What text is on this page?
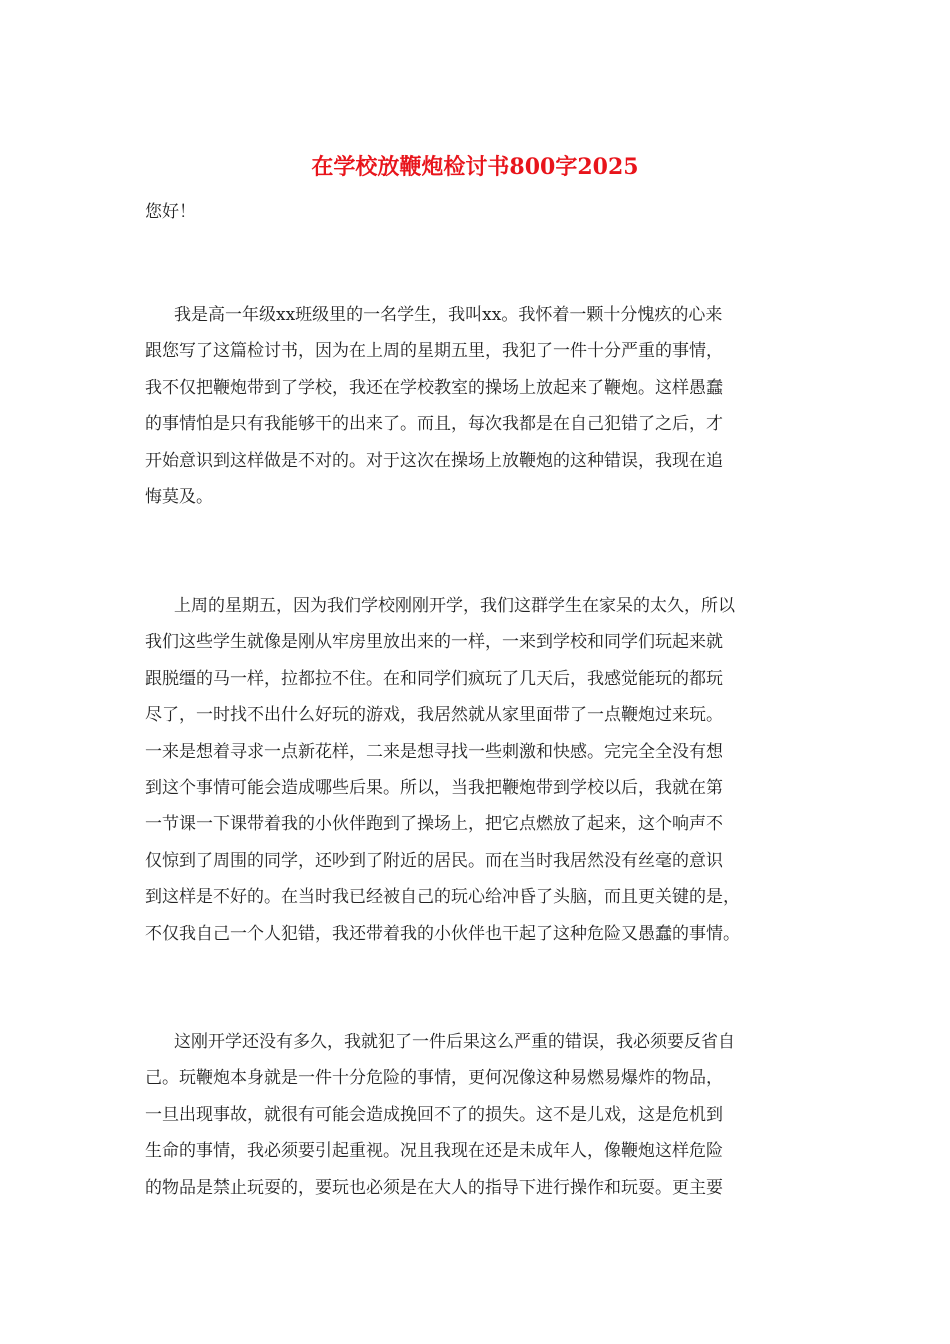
在学校放鞭炮检讨书800字2025

您好！

我是高一年级xx班级里的一名学生，我叫xx。我怀着一颗十分愧疚的心来
跟您写了这篇检讨书，因为在上周的星期五里，我犯了一件十分严重的事情，
我不仅把鞭炮带到了学校，我还在学校教室的操场上放起来了鞭炮。这样愚蠢
的事情怕是只有我能够干的出来了。而且，每次我都是在自己犯错了之后，才
开始意识到这样做是不对的。对于这次在操场上放鞭炮的这种错误，我现在追
悔莫及。

上周的星期五，因为我们学校刚刚开学，我们这群学生在家呆的太久，所以
我们这些学生就像是刚从牢房里放出来的一样，一来到学校和同学们玩起来就
跟脱缰的马一样，拉都拉不住。在和同学们疯玩了几天后，我感觉能玩的都玩
尽了，一时找不出什么好玩的游戏，我居然就从家里面带了一点鞭炮过来玩。
一来是想着寻求一点新花样，二来是想寻找一些刺激和快感。完完全全没有想
到这个事情可能会造成哪些后果。所以，当我把鞭炮带到学校以后，我就在第
一节课一下课带着我的小伙伴跑到了操场上，把它点燃放了起来，这个响声不
仅惊到了周围的同学，还吵到了附近的居民。而在当时我居然没有丝毫的意识
到这样是不好的。在当时我已经被自己的玩心给冲昏了头脑，而且更关键的是，
不仅我自己一个人犯错，我还带着我的小伙伴也干起了这种危险又愚蠢的事情。

这刚开学还没有多久，我就犯了一件后果这么严重的错误，我必须要反省自
己。玩鞭炮本身就是一件十分危险的事情，更何况像这种易燃易爆炸的物品，
一旦出现事故，就很有可能会造成挽回不了的损失。这不是儿戏，这是危机到
生命的事情，我必须要引起重视。况且我现在还是未成年人，像鞭炮这样危险
的物品是禁止玩耍的，要玩也必须是在大人的指导下进行操作和玩耍。更主要
